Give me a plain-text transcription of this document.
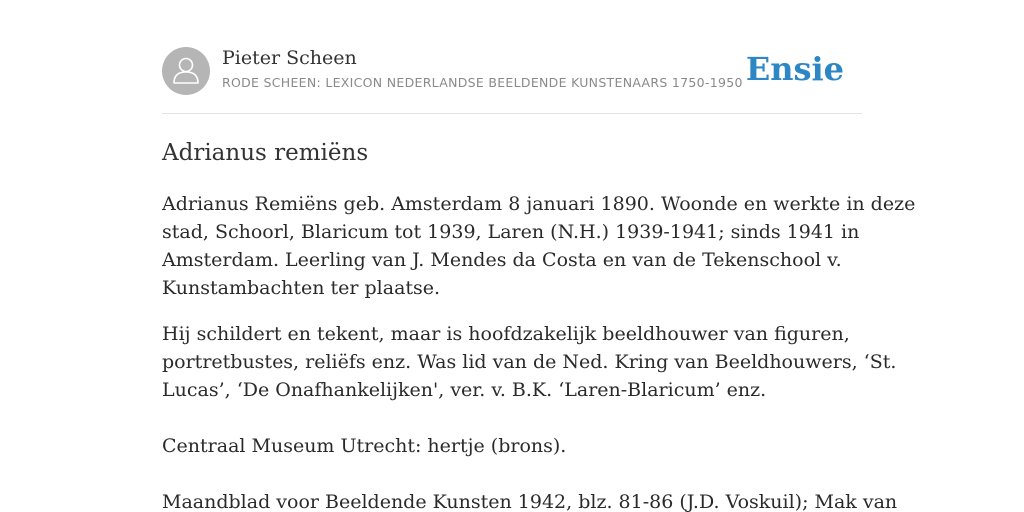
Pieter Scheen
RODE SCHEEN: LEXICON NEDERLANDSE BEELDENDE KUNSTENAARS 1750-1950 Ensie
Adrianus remiëns

Adrianus Remiëns geb. Amsterdam 8 januari 1890. Woonde en werkte in deze
stad, Schoorl, Blaricum tot 1939, Laren (N.H.) 1939-1941; sinds 1941 in
Amsterdam. Leerling van J. Mendes da Costa en van de Tekenschool v.
Kunstambachten ter plaatse.

Hij schildert en tekent, maar is hoofdzakelijk beeldhouwer van figuren,
portretbustes, reliëfs enz. Was lid van de Ned. Kring van Beeldhouwers, ‘St.
Lucas’, ‘De Onafhankelijken', ver. v. B.K. ‘Laren-Blaricum’ enz.

Centraal Museum Utrecht: hertje (brons).

Maandblad voor Beeldende Kunsten 1942, blz. 81-86 (J.D. Voskuil); Mak van
